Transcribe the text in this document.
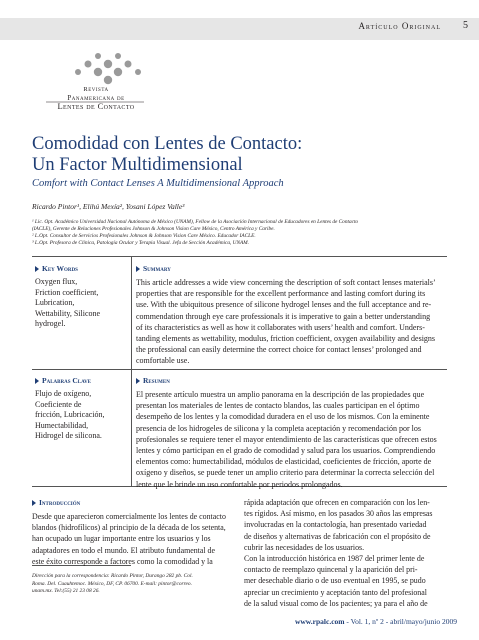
Artículo Original 5
Revista
Panamericana de
Lentes de Contacto
Comodidad con Lentes de Contacto:
Un Factor Multidimensional
Comfort with Contact Lenses A Multidimensional Approach
Ricardo Pintor¹, Elihú Mexía², Yosani López Valle³
¹ Lic. Opt. Académico Universidad Nacional Autónoma de México (UNAM), Fellow de la Asociación Internacional de Educadores en Lentes de Contacto
(IACLE), Gerente de Relaciones Profesionales Johnson & Johnson Vision Care México, Centro América y Caribe.
² L.Opt. Consultor de Servicios Profesionales Johnson & Johnson Vision Care México. Educador IACLE.
³ L.Opt. Profesora de Clínica, Patología Ocular y Terapia Visual. Jefa de Sección Académica, UNAM.
Key Words
Oxygen flux,
Friction coefficient,
Lubrication,
Wettability, Silicone
hydrogel.
Summary
This article addresses a wide view concerning the description of soft contact lenses materials’
properties that are responsible for the excellent performance and lasting comfort during its
use. With the ubiquitous presence of silicone hydrogel lenses and the full acceptance and re-
commendation through eye care professionals it is imperative to gain a better understanding
of its characteristics as well as how it collaborates with users’ health and comfort. Unders-
tanding elements as wettability, modulus, friction coefficient, oxygen availability and designs
the professional can easily determine the correct choice for contact lenses’ prolonged and
comfortable use.
Palabras Clave
Flujo de oxígeno,
Coeficiente de
fricción, Lubricación,
Humectabilidad,
Hidrogel de silicona.
Resumen
El presente artículo muestra un amplio panorama en la descripción de las propiedades que
presentan los materiales de lentes de contacto blandos, las cuales participan en el óptimo
desempeño de los lentes y la comodidad duradera en el uso de los mismos. Con la eminente
presencia de los hidrogeles de silicona y la completa aceptación y recomendación por los
profesionales se requiere tener el mayor entendimiento de las características que ofrecen estos
lentes y cómo participan en el grado de comodidad y salud para los usuarios. Comprendiendo
elementos como: humectabilidad, módulos de elasticidad, coeficientes de fricción, aporte de
oxígeno y diseños, se puede tener un amplio criterio para determinar la correcta selección del
lente que le brinde un uso confortable por periodos prolongados.
Introducción
Desde que aparecieron comercialmente los lentes de contacto
blandos (hidrofílicos) al principio de la década de los setenta,
han ocupado un lugar importante entre los usuarios y los
adaptadores en todo el mundo. El atributo fundamental de
este éxito corresponde a factores como la comodidad y la
Dirección para la correspondencia: Ricardo Pintor, Durango 282 pb. Col.
Roma. Del. Cuauhtemoc. México, DF, CP. 06700. E-mail: pintor@correo.
unam.mx. Tel:(55) 21 23 08 26.
rápida adaptación que ofrecen en comparación con los len-
tes rígidos. Así mismo, en los pasados 30 años las empresas
involucradas en la contactología, han presentado variedad
de diseños y alternativas de fabricación con el propósito de
cubrir las necesidades de los usuarios.
Con la introducción histórica en 1987 del primer lente de
contacto de reemplazo quincenal y la aparición del pri-
mer desechable diario o de uso eventual en 1995, se pudo
apreciar un crecimiento y aceptación tanto del profesional
de la salud visual como de los pacientes; ya para el año de
www.rpalc.com - Vol. 1, nº 2 - abril/mayo/junio 2009
